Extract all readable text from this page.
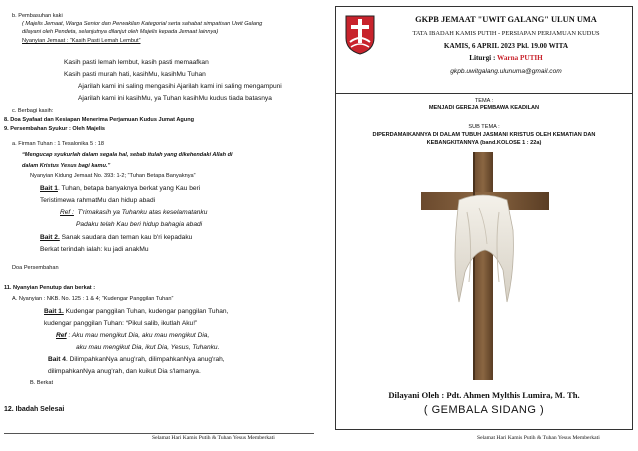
b. Pembasuhan kaki
( Majelis Jemaat, Warga Senior dan Perwakilan Kategorial serta sahabat simpatisan Uwit Galang
dilayani oleh Pendeta, selanjutnya dilanjut oleh Majelis kepada Jemaat lainnya)
Nyanyian Jemaat : “Kasih Pasti Lemah Lembut”
Kasih pasti lemah lembut, kasih pasti memaafkan
Kasih pasti murah hati, kasihMu, kasihMu Tuhan
Ajarilah kami ini saling mengasihi Ajarilah kami ini saling mengampuni
Ajarilah kami ini kasihMu, ya Tuhan kasihMu kudus tiada batasnya
c. Berbagi kasih:
8. Doa Syafaat dan Kesiapan Menerima Perjamuan Kudus Jumat Agung
9. Persembahan Syukur : Oleh Majelis
a. Firman Tuhan : 1 Tesalonika 5 : 18
“Mengucap syukurlah dalam segala hal, sebab itulah yang dikehendaki Allah di
dalam Kristus Yesus bagi kamu.”
Nyanyian Kidung Jemaat No. 393: 1-2; “Tuhan Betapa Banyaknya”
Bait 1. Tuhan, betapa banyaknya berkat yang Kau beri
Teristimewa rahmatMu dan hidup abadi
Ref : T'rimakasih ya Tuhanku atas keselamatanku
Padaku telah Kau beri hidup bahagia abadi
Bait 2. Sanak saudara dan teman kau b'ri kepadaku
Berkat terindah ialah: ku jadi anakMu
Doa Persembahan
11. Nyanyian Penutup dan berkat :
A. Nyanyian : NKB. No. 125 : 1 & 4; “Kudengar Panggilan Tuhan”
Bait 1. Kudengar panggilan Tuhan, kudengar panggilan Tuhan,
kudengar panggilan Tuhan: “Pikul salib, ikutlah Aku!”
Ref : Aku mau mengikut Dia, aku mau mengikut Dia,
aku mau mengikut Dia, ikut Dia, Yesus, Tuhanku.
Bait 4. DilimpahkanNya anug'rah, dilimpahkanNya anug'rah,
dilimpahkanNya anug'rah, dan kuikut Dia s'lamanya.
B. Berkat
12. Ibadah Selesai
Selamat Hari Kamis Putih & Tuhan Yesus Memberkati
GKPB JEMAAT "UWIT GALANG" ULUN UMA
TATA IBADAH KAMIS PUTIH - PERSIAPAN PERJAMUAN KUDUS
KAMIS, 6 APRIL 2023 Pkl. 19.00 WITA
Liturgi : Warna PUTIH
gkpb.uwitgalang.ulunuma@gmail.com
TEMA :
MENJADI GEREJA PEMBAWA KEADILAN
SUB TEMA :
DIPERDAMAIKANNYA DI DALAM TUBUH JASMANI KRISTUS OLEH KEMATIAN DAN
KEBANGKITANNYA (band.KOLOSE 1 : 22a)
Dilayani Oleh : Pdt. Ahmen Mylthis Lumira, M. Th.
( GEMBALA SIDANG )
Selamat Hari Kamis Putih & Tuhan Yesus Memberkati
